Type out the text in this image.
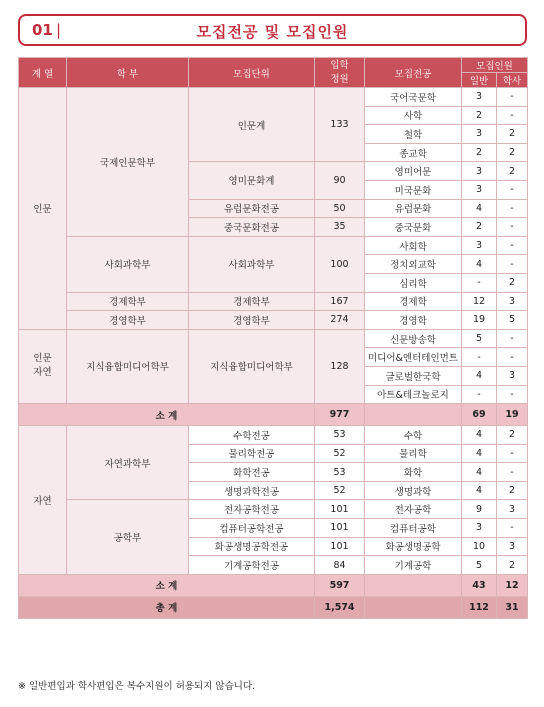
01 |	모집전공 및 모집인원
계 열	학 부	모집단위	입학
정원	모집전공	모집인원	
					일반	학사
인문	국제인문학부	인문계	133	국어국문학	3	-
				사학	2	-
				철학	3	2
				종교학	2	2
		영미문화계	90	영미어문	3	2
				미국문화	3	-
		유럽문화전공	50	유럽문화	4	-
		중국문화전공	35	중국문화	2	-
	사회과학부	사회과학부	100	사회학	3	-
				정치외교학	4	-
				심리학	-	2
	경제학부	경제학부	167	경제학	12	3
	경영학부	경영학부	274	경영학	19	5
인문
자연	지식융합미디어학부	지식융합미디어학부	128	신문방송학	5	-
				미디어&엔터테인먼트	-	-
				글로벌한국학	4	3
				아트&테크놀로지	-	-
소 계			977		69	19
자연	자연과학부	수학전공	53	수학	4	2
		물리학전공	52	물리학	4	-
		화학전공	53	화학	4	-
		생명과학전공	52	생명과학	4	2
	공학부	전자공학전공	101	전자공학	9	3
		컴퓨터공학전공	101	컴퓨터공학	3	-
		화공생명공학전공	101	화공생명공학	10	3
		기계공학전공	84	기계공학	5	2
소 계			597		43	12
총 계			1,574		112	31
※ 일반편입과 학사편입은 복수지원이 허용되지 않습니다.
